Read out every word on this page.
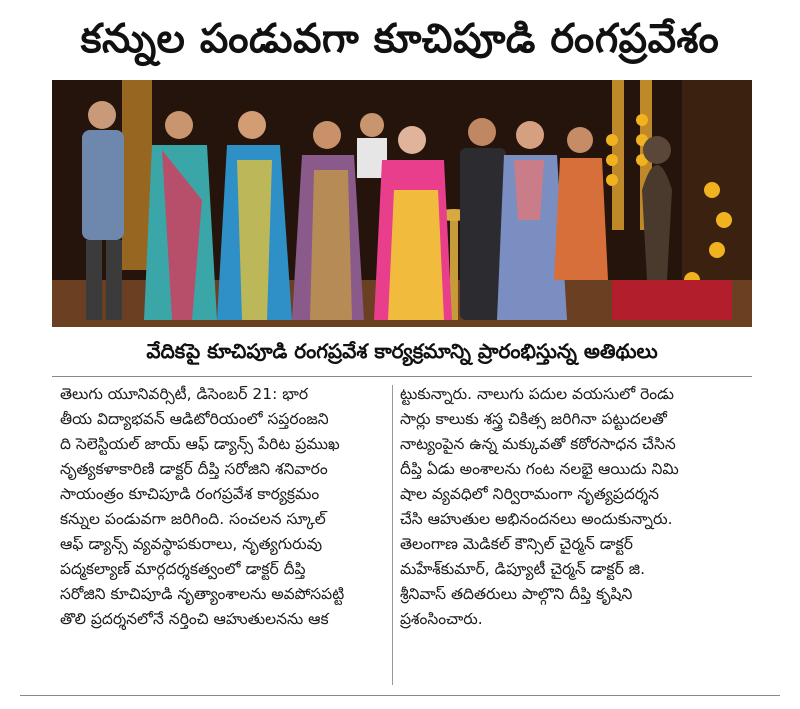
కన్నుల పండువగా కూచిపూడి రంగప్రవేశం
వేదికపై కూచిపూడి రంగప్రవేశ కార్యక్రమాన్ని ప్రారంభిస్తున్న అతిథులు
తెలుగు యూనివర్సిటీ, డిసెంబర్ 21: భార
తీయ విద్యాభవన్ ఆడిటోరియంలో సప్తరంజని
ది సెలెస్టియల్ జాయ్ ఆఫ్ డ్యాన్స్ పేరిట ప్రముఖ
నృత్యకళాకారిణి డాక్టర్ దీప్తి సరోజిని శనివారం
సాయంత్రం కూచిపూడి రంగప్రవేశ కార్యక్రమం
కన్నుల పండువగా జరిగింది. సంచలన స్కూల్
ఆఫ్ డ్యాన్స్ వ్యవస్థాపకురాలు, నృత్యగురువు
పద్మకల్యాణ్ మార్గదర్శకత్వంలో డాక్టర్ దీప్తి
సరోజిని కూచిపూడి నృత్యాంశాలను అవపోసపట్టి
తొలి ప్రదర్శనలోనే నర్తించి ఆహుతులనను ఆక
ట్టుకున్నారు. నాలుగు పదుల వయసులో రెండు
సార్లు కాలుకు శస్త్ర చికిత్స జరిగినా పట్టుదలతో
నాట్యంపైన ఉన్న మక్కువతో కఠోరసాధన చేసిన
దీప్తి ఏడు అంశాలను గంట నలభై ఆయిదు నిమి
షాల వ్యవధిలో నిర్విరామంగా నృత్యప్రదర్శన
చేసి ఆహుతుల అభినందనలు అందుకున్నారు.
తెలంగాణ మెడికల్ కౌన్సిల్ చైర్మన్ డాక్టర్
మహేశ్‌కుమార్, డిప్యూటీ చైర్మన్ డాక్టర్ జి.
శ్రీనివాస్ తదితరులు పాల్గొని దీప్తి కృషిని
ప్రశంసించారు.
